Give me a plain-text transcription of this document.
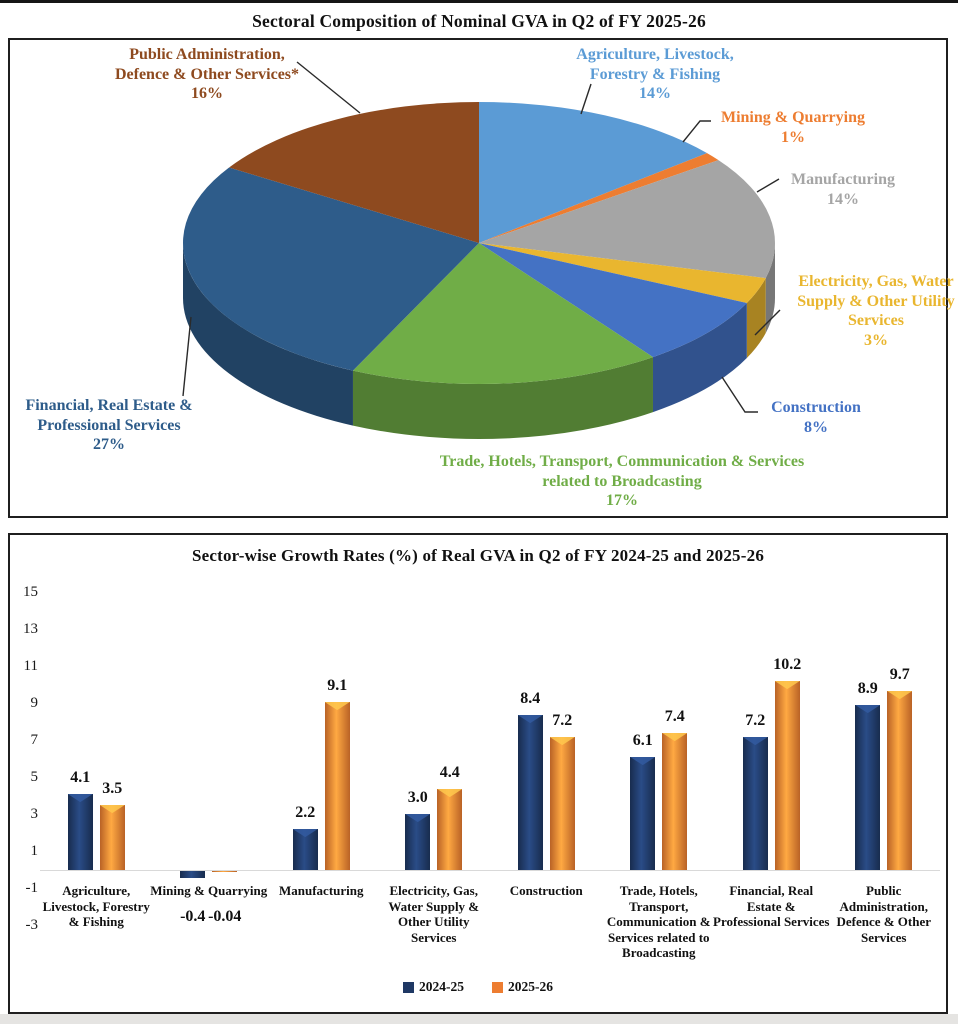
Sectoral Composition of Nominal GVA in Q2 of FY 2025-26
Agriculture, Livestock, Forestry & Fishing
14%
Mining & Quarrying
1%
Manufacturing
14%
Electricity, Gas, Water Supply & Other Utility Services
3%
Construction
8%
Trade, Hotels, Transport, Communication & Services related to Broadcasting
17%
Financial, Real Estate & Professional Services
27%
Public Administration, Defence & Other Services*
16%
Sector-wise Growth Rates (%) of Real GVA in Q2 of FY 2024-25 and 2025-26
15
13
11
9
7
5
3
1
-1
-3
4.1
3.5
Agriculture, Livestock, Forestry & Fishing	-0.4 -0.04
Mining & Quarrying
2.2
9.1
Manufacturing
3.0
4.4
Electricity, Gas, Water Supply & Other Utility Services
8.4
7.2
Construction
6.1
7.4
Trade, Hotels, Transport, Communication & Services related to Broadcasting
7.2
10.2
Financial, Real Estate & Professional Services
8.9
9.7
Public Administration, Defence & Other Services
2024-25	2025-26
